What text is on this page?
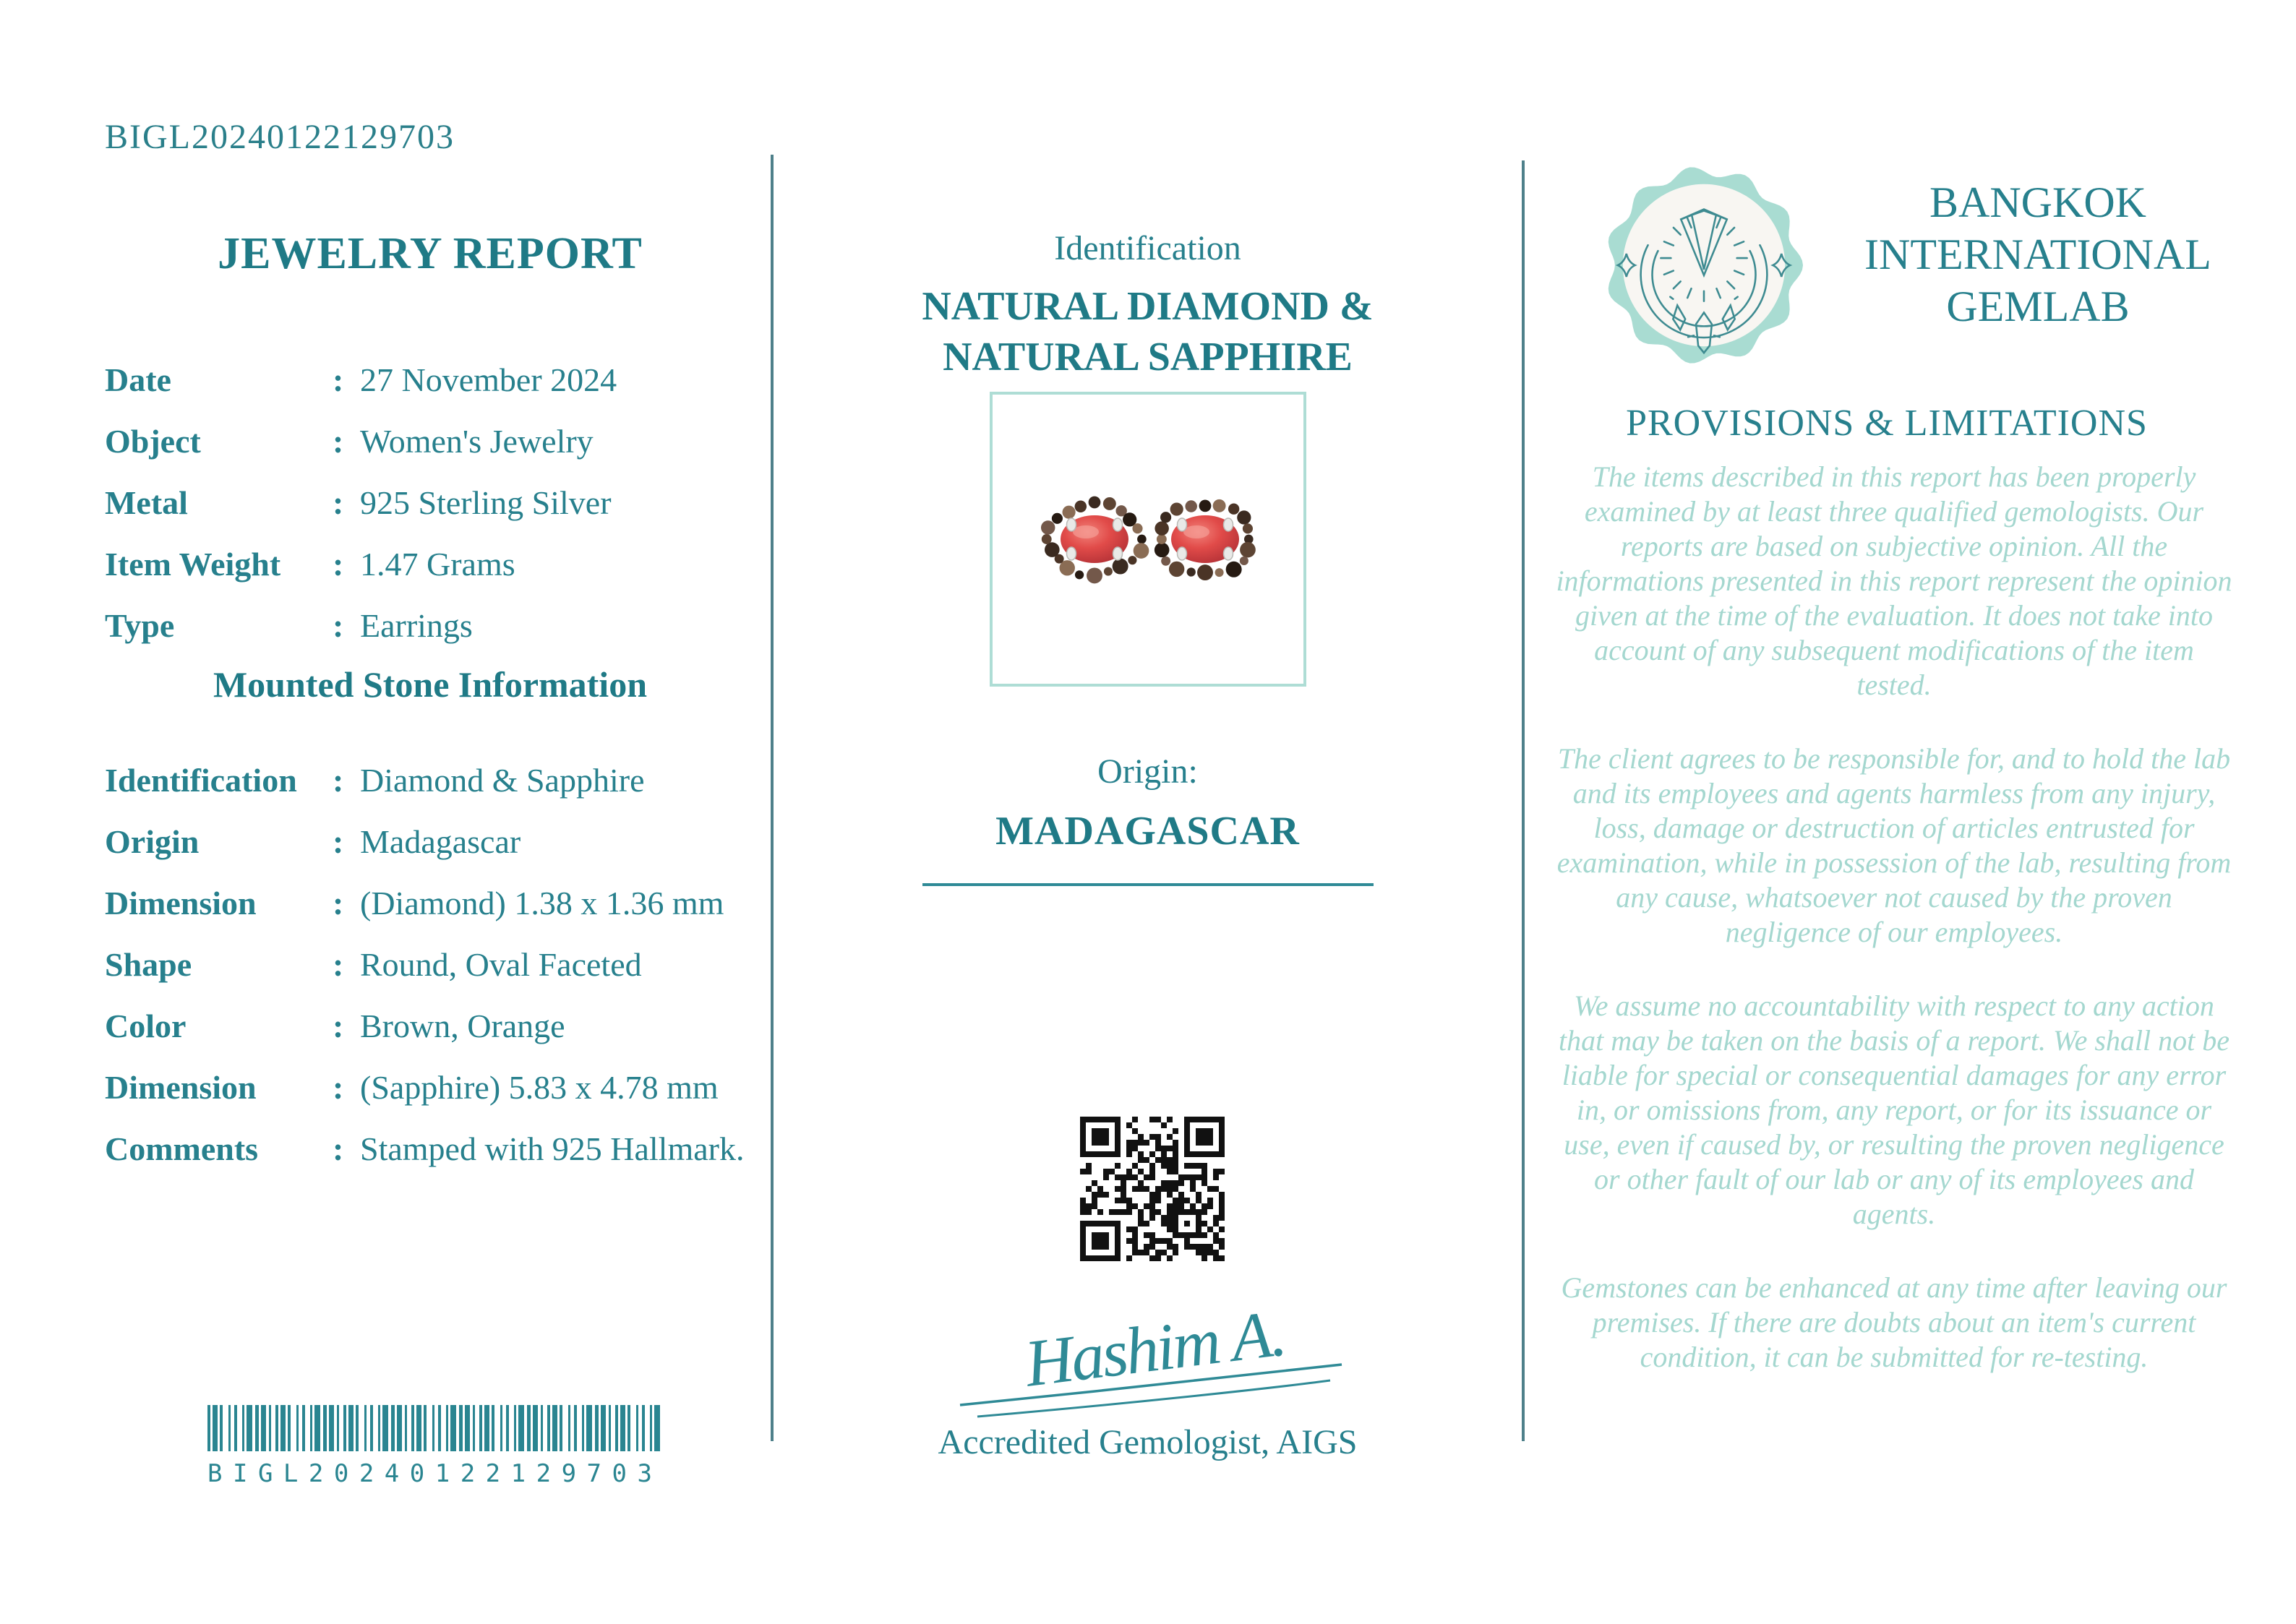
BIGL20240122129703
JEWELRY REPORT
Date	: 27 November 2024
Object	: Women's Jewelry
Metal	: 925 Sterling Silver
Item Weight	: 1.47 Grams
Type	: Earrings
Mounted Stone Information
Identification	: Diamond & Sapphire
Origin	: Madagascar
Dimension	: (Diamond) 1.38 x 1.36 mm
Shape	: Round, Oval Faceted
Color	: Brown, Orange
Dimension	: (Sapphire) 5.83 x 4.78 mm
Comments	: Stamped with 925 Hallmark.
BIGL20240122129703
Identification
NATURAL DIAMOND &
NATURAL SAPPHIRE
Origin:
MADAGASCAR
Hashim A.
Accredited Gemologist, AIGS
BANGKOK
INTERNATIONAL
GEMLAB
PROVISIONS & LIMITATIONS

The items described in this report has been properly examined by at least three qualified gemologists. Our reports are based on subjective opinion. All the informations presented in this report represent the opinion given at the time of the evaluation. It does not take into account of any subsequent modifications of the item tested.

The client agrees to be responsible for, and to hold the lab and its employees and agents harmless from any injury, loss, damage or destruction of articles entrusted for examination, while in possession of the lab, resulting from any cause, whatsoever not caused by the proven negligence of our employees.

We assume no accountability with respect to any action that may be taken on the basis of a report. We shall not be liable for special or consequential damages for any error in, or omissions from, any report, or for its issuance or use, even if caused by, or resulting the proven negligence or other fault of our lab or any of its employees and agents.

Gemstones can be enhanced at any time after leaving our premises. If there are doubts about an item's current condition, it can be submitted for re-testing.
